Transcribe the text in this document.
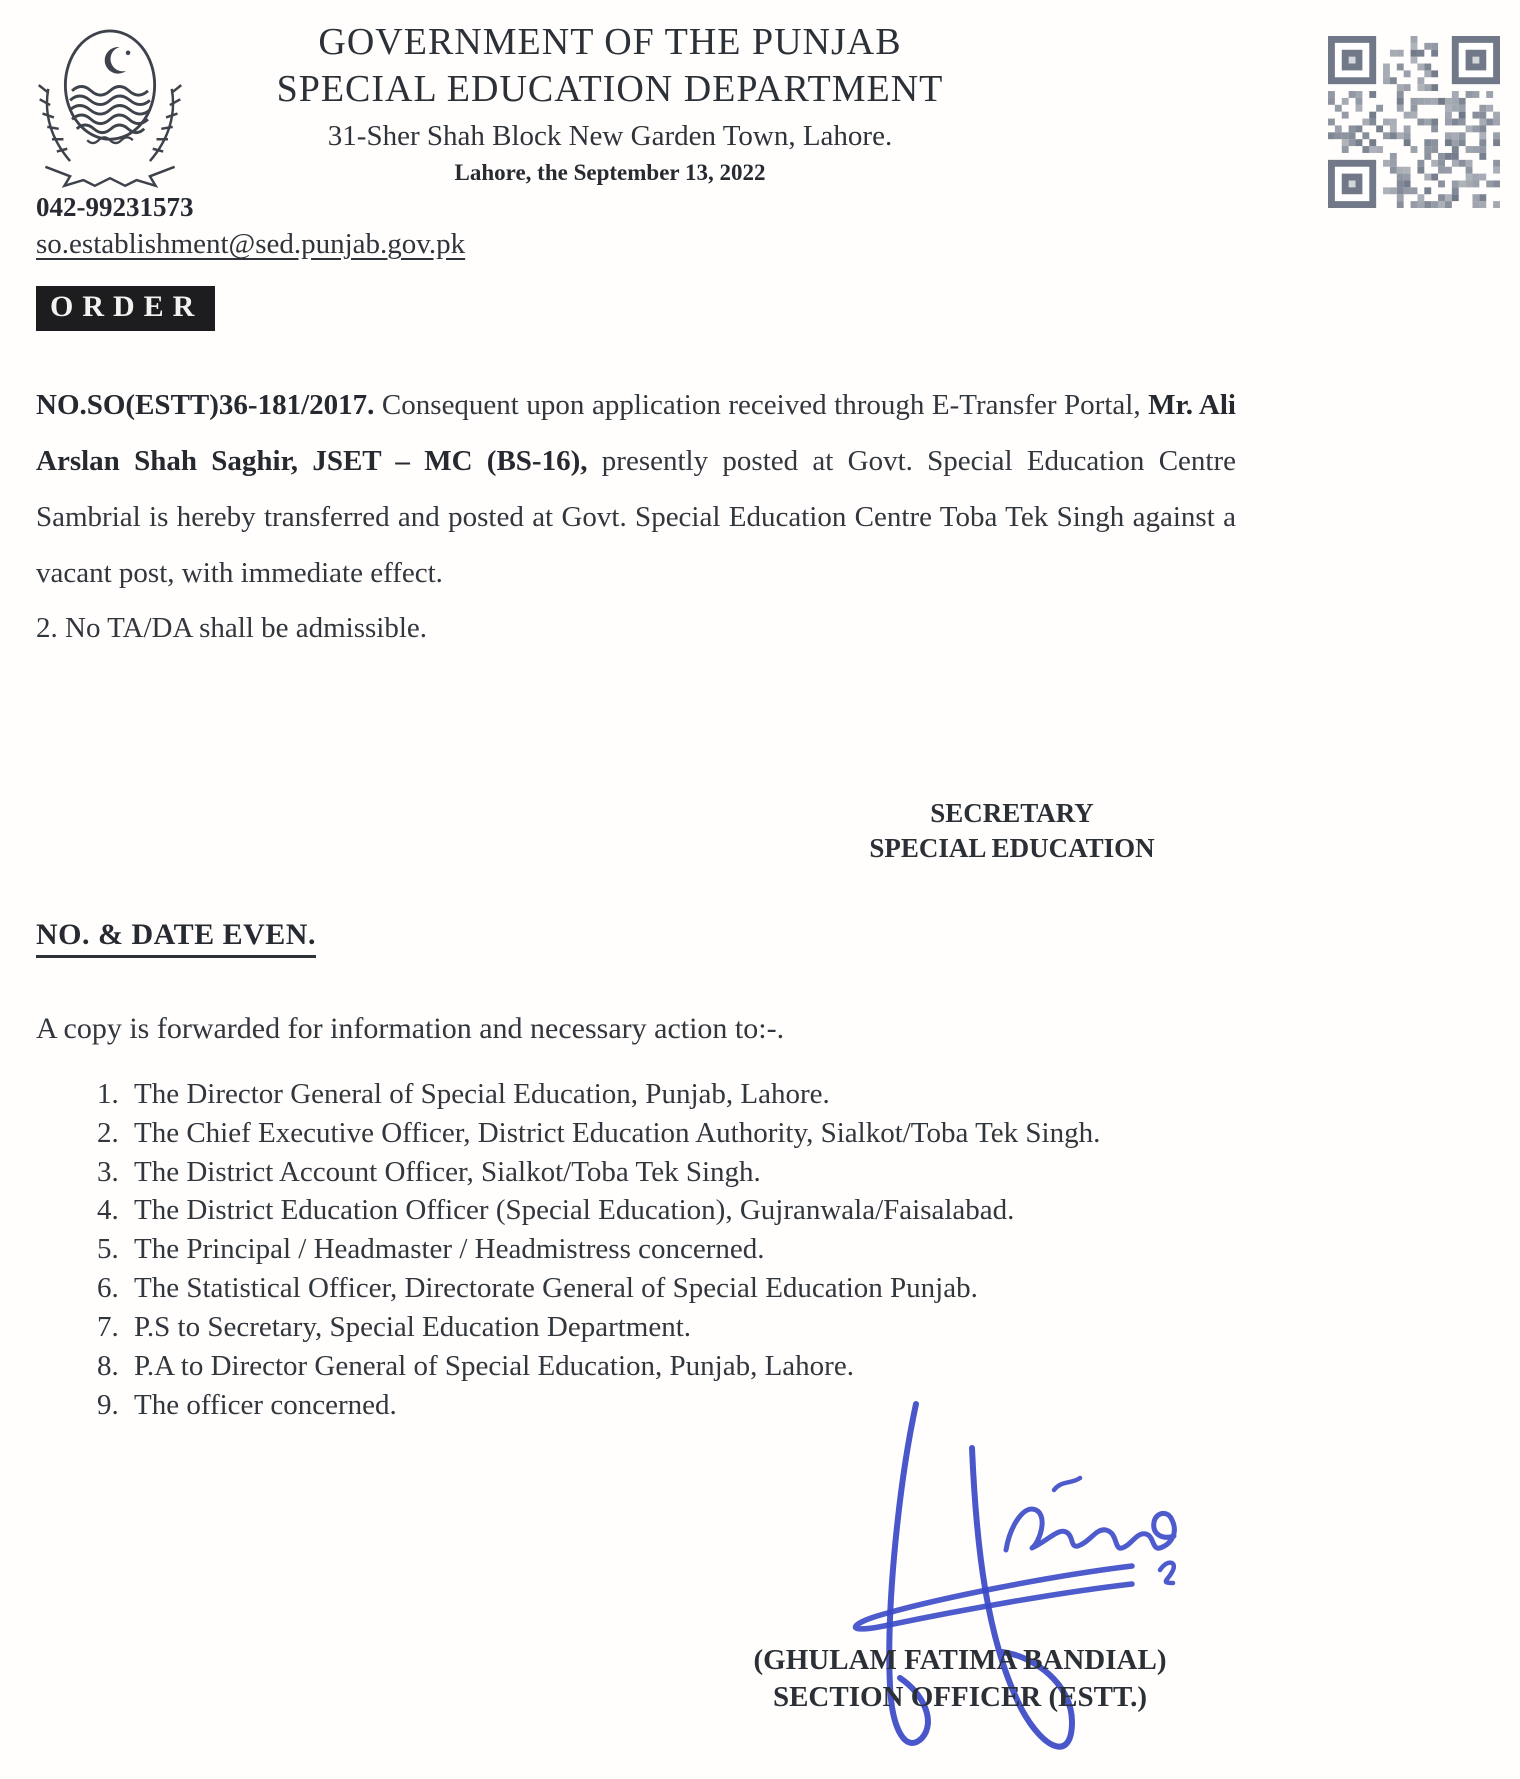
GOVERNMENT OF THE PUNJAB
SPECIAL EDUCATION DEPARTMENT
31-Sher Shah Block New Garden Town, Lahore.
Lahore, the September 13, 2022
042-99231573
so.establishment@sed.punjab.gov.pk
ORDER
NO.SO(ESTT)36-181/2017. Consequent upon application received through E-Transfer Portal, Mr. Ali Arslan Shah Saghir, JSET – MC (BS-16), presently posted at Govt. Special Education Centre Sambrial is hereby transferred and posted at Govt. Special Education Centre Toba Tek Singh against a vacant post, with immediate effect.
2. No TA/DA shall be admissible.
SECRETARY
SPECIAL EDUCATION
NO. & DATE EVEN.
A copy is forwarded for information and necessary action to:-.
1. The Director General of Special Education, Punjab, Lahore.
2. The Chief Executive Officer, District Education Authority, Sialkot/Toba Tek Singh.
3. The District Account Officer, Sialkot/Toba Tek Singh.
4. The District Education Officer (Special Education), Gujranwala/Faisalabad.
5. The Principal / Headmaster / Headmistress concerned.
6. The Statistical Officer, Directorate General of Special Education Punjab.
7. P.S to Secretary, Special Education Department.
8. P.A to Director General of Special Education, Punjab, Lahore.
9. The officer concerned.
(GHULAM FATIMA BANDIAL)
SECTION OFFICER (ESTT.)
